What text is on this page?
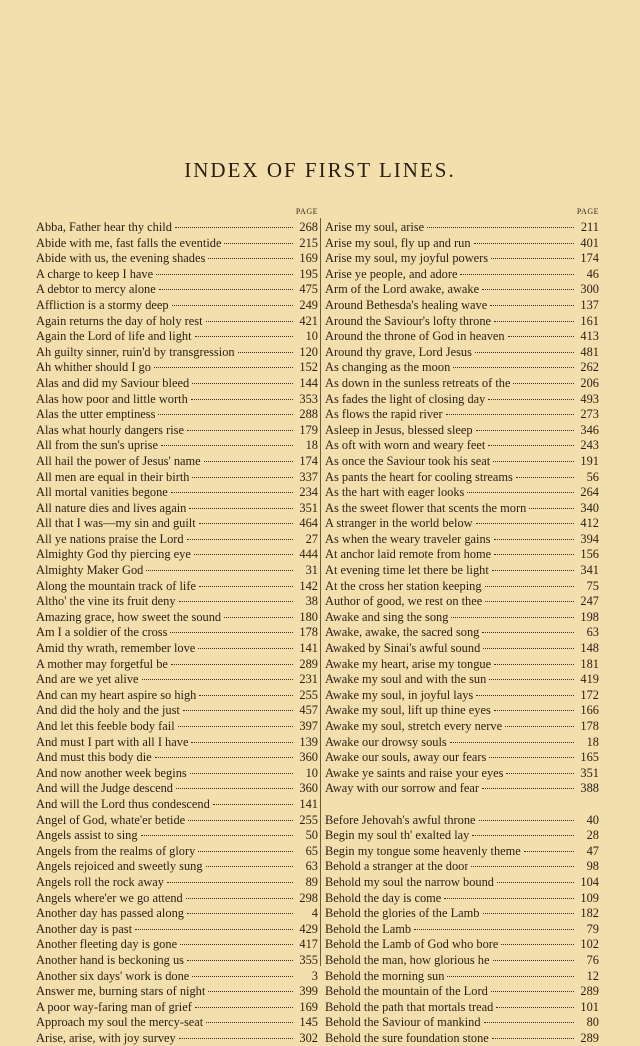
INDEX OF FIRST LINES.
PAGE
Abba, Father hear thy child	268
Abide with me, fast falls the eventide	215
Abide with us, the evening shades	169
A charge to keep I have	195
A debtor to mercy alone	475
Affliction is a stormy deep	249
Again returns the day of holy rest	421
Again the Lord of life and light	10
Ah guilty sinner, ruin'd by transgression	120
Ah whither should I go	152
Alas and did my Saviour bleed	144
Alas how poor and little worth	353
Alas the utter emptiness	288
Alas what hourly dangers rise	179
All from the sun's uprise	18
All hail the power of Jesus' name	174
All men are equal in their birth	337
All mortal vanities begone	234
All nature dies and lives again	351
All that I was—my sin and guilt	464
All ye nations praise the Lord	27
Almighty God thy piercing eye	444
Almighty Maker God	31
Along the mountain track of life	142
Altho' the vine its fruit deny	38
Amazing grace, how sweet the sound	180
Am I a soldier of the cross	178
Amid thy wrath, remember love	141
A mother may forgetful be	289
And are we yet alive	231
And can my heart aspire so high	255
And did the holy and the just	457
And let this feeble body fail	397
And must I part with all I have	139
And must this body die	360
And now another week begins	10
And will the Judge descend	360
And will the Lord thus condescend	141
Angel of God, whate'er betide	255
Angels assist to sing	50
Angels from the realms of glory	65
Angels rejoiced and sweetly sung	63
Angels roll the rock away	89
Angels where'er we go attend	298
Another day has passed along	4
Another day is past	429
Another fleeting day is gone	417
Another hand is beckoning us	355
Another six days' work is done	3
Answer me, burning stars of night	399
A poor way-faring man of grief	169
Approach my soul the mercy-seat	145
Arise, arise, with joy survey	302
PAGE
Arise my soul, arise	211
Arise my soul, fly up and run	401
Arise my soul, my joyful powers	174
Arise ye people, and adore	46
Arm of the Lord awake, awake	300
Around Bethesda's healing wave	137
Around the Saviour's lofty throne	161
Around the throne of God in heaven	413
Around thy grave, Lord Jesus	481
As changing as the moon	262
As down in the sunless retreats of the	206
As fades the light of closing day	493
As flows the rapid river	273
Asleep in Jesus, blessed sleep	346
As oft with worn and weary feet	243
As once the Saviour took his seat	191
As pants the heart for cooling streams	56
As the hart with eager looks	264
As the sweet flower that scents the morn	340
A stranger in the world below	412
As when the weary traveler gains	394
At anchor laid remote from home	156
At evening time let there be light	341
At the cross her station keeping	75
Author of good, we rest on thee	247
Awake and sing the song	198
Awake, awake, the sacred song	63
Awaked by Sinai's awful sound	148
Awake my heart, arise my tongue	181
Awake my soul and with the sun	419
Awake my soul, in joyful lays	172
Awake my soul, lift up thine eyes	166
Awake my soul, stretch every nerve	178
Awake our drowsy souls	18
Awake our souls, away our fears	165
Awake ye saints and raise your eyes	351
Away with our sorrow and fear	388
Before Jehovah's awful throne	40
Begin my soul th' exalted lay	28
Begin my tongue some heavenly theme	47
Behold a stranger at the door	98
Behold my soul the narrow bound	104
Behold the day is come	109
Behold the glories of the Lamb	182
Behold the Lamb	79
Behold the Lamb of God who bore	102
Behold the man, how glorious he	76
Behold the morning sun	12
Behold the mountain of the Lord	289
Behold the path that mortals tread	101
Behold the Saviour of mankind	80
Behold the sure foundation stone	289
